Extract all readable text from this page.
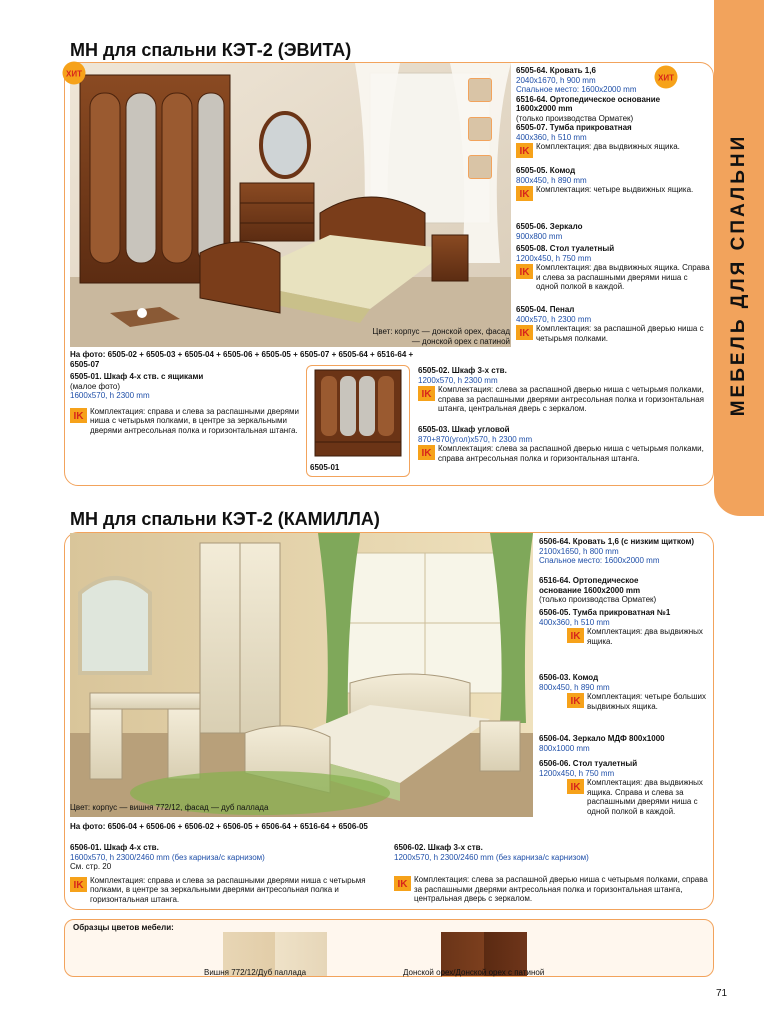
МЕБЕЛЬ ДЛЯ СПАЛЬНИ
МН для спальни КЭТ-2 (ЭВИТА)
ХИТ
Цвет: корпус — донской орех, фасад — донской орех с патиной
6505-64. Кровать 1,6
2040x1670, h 900 mm
Спальное место: 1600x2000 mm
6516-64. Ортопедическое основание 1600x2000 mm
(только производства Орматек)
6505-07. Тумба прикроватная
400x360, h 510 mm
IK Комплектация: два выдвижных ящика.
ХИТ
6505-05. Комод
800x450, h 890 mm
IK Комплектация: четыре выдвижных ящика.
6505-06. Зеркало
900x800 mm
6505-08. Стол туалетный
1200x450, h 750 mm
IK Комплектация: два выдвижных ящика. Справа и слева за распашными дверями ниша с одной полкой в каждой.
6505-04. Пенал
400x570, h 2300 mm
IK Комплектация: за распашной дверью ниша с четырьмя полками.
На фото: 6505-02 + 6505-03 + 6505-04 + 6505-06 + 6505-05 + 6505-07 + 6505-64 + 6516-64 + 6505-07
6505-01. Шкаф 4-х ств. с ящиками
(малое фото)
1600x570, h 2300 mm
IK Комплектация: справа и слева за распашными дверями ниша с четырьмя полками, в центре за зеркальными дверями антресольная полка и горизонтальная штанга.
6505-01
6505-02. Шкаф 3-х ств.
1200x570, h 2300 mm
IK Комплектация: слева за распашной дверью ниша с четырьмя полками, справа за распашными дверями антресольная полка и горизонтальная штанга, центральная дверь с зеркалом.
6505-03. Шкаф угловой
870+870(угол)x570, h 2300 mm
IK Комплектация: слева за распашной дверью ниша с четырьмя полками, справа антресольная полка и горизонтальная штанга.
МН для спальни КЭТ-2 (КАМИЛЛА)
Цвет: корпус — вишня 772/12, фасад — дуб паллада
6506-64. Кровать 1,6 (с низким щитком)
2100x1650, h 800 mm
Спальное место: 1600x2000 mm
6516-64. Ортопедическое основание 1600x2000 mm
(только производства Орматек)
6506-05. Тумба прикроватная №1
400x360, h 510 mm
IK Комплектация: два выдвижных ящика.
6506-03. Комод
800x450, h 890 mm
IK Комплектация: четыре больших выдвижных ящика.
6506-04. Зеркало МДФ 800x1000
800x1000 mm
6506-06. Стол туалетный
1200x450, h 750 mm
IK Комплектация: два выдвижных ящика. Справа и слева за распашными дверями ниша с одной полкой в каждой.
На фото: 6506-04 + 6506-06 + 6506-02 + 6506-05 + 6506-64 + 6516-64 + 6506-05
6506-01. Шкаф 4-х ств.
1600x570, h 2300/2460 mm (без карниза/с карнизом)
См. стр. 20
IK Комплектация: справа и слева за распашными дверями ниша с четырьмя полками, в центре за зеркальными дверями антресольная полка и горизонтальная штанга.
6506-02. Шкаф 3-х ств.
1200x570, h 2300/2460 mm (без карниза/с карнизом)
IK Комплектация: слева за распашной дверью ниша с четырьмя полками, справа за распашными дверями антресольная полка и горизонтальная штанга, центральная дверь с зеркалом.
Образцы цветов мебели:
Вишня 772/12/Дуб паллада	Донской орех/Донской орех с патиной
71
